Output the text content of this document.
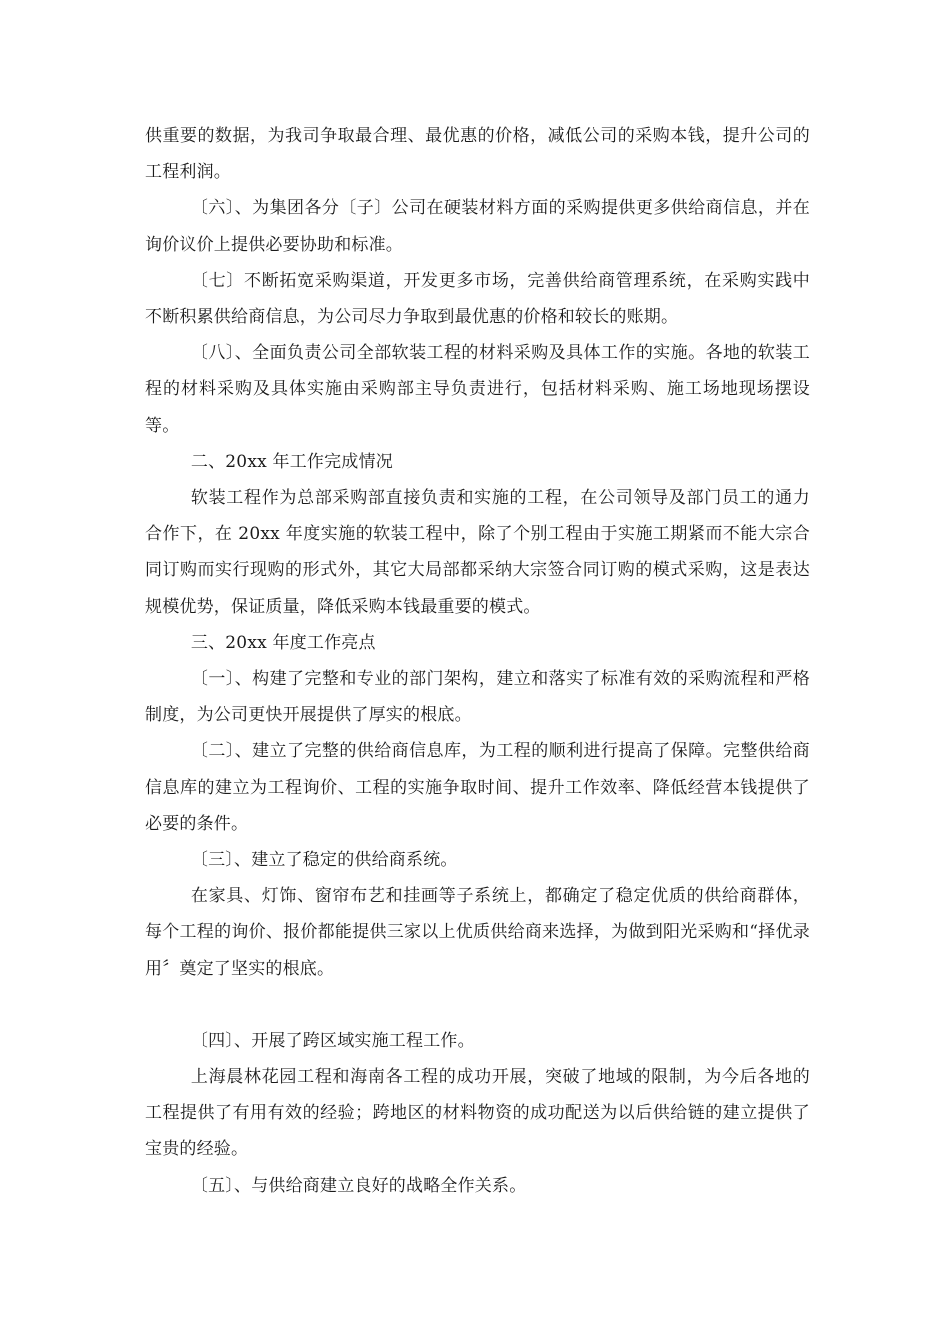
供重要的数据，为我司争取最合理、最优惠的价格，减低公司的采购本钱，提升公司的工程利润。

〔六〕、为集团各分〔子〕公司在硬装材料方面的采购提供更多供给商信息，并在询价议价上提供必要协助和标准。

〔七〕不断拓宽采购渠道，开发更多市场，完善供给商管理系统，在采购实践中不断积累供给商信息，为公司尽力争取到最优惠的价格和较长的账期。

〔八〕、全面负责公司全部软装工程的材料采购及具体工作的实施。各地的软装工程的材料采购及具体实施由采购部主导负责进行，包括材料采购、施工场地现场摆设等。

二、20xx 年工作完成情况

软装工程作为总部采购部直接负责和实施的工程，在公司领导及部门员工的通力合作下，在 20xx 年度实施的软装工程中，除了个别工程由于实施工期紧而不能大宗合同订购而实行现购的形式外，其它大局部都采纳大宗签合同订购的模式采购，这是表达规模优势，保证质量，降低采购本钱最重要的模式。

三、20xx 年度工作亮点

〔一〕、构建了完整和专业的部门架构，建立和落实了标准有效的采购流程和严格制度，为公司更快开展提供了厚实的根底。

〔二〕、建立了完整的供给商信息库，为工程的顺利进行提高了保障。完整供给商信息库的建立为工程询价、工程的实施争取时间、提升工作效率、降低经营本钱提供了必要的条件。

〔三〕、建立了稳定的供给商系统。

在家具、灯饰、窗帘布艺和挂画等子系统上，都确定了稳定优质的供给商群体，每个工程的询价、报价都能提供三家以上优质供给商来选择，为做到阳光采购和“择优录用〞奠定了坚实的根底。

〔四〕、开展了跨区域实施工程工作。

上海晨林花园工程和海南各工程的成功开展，突破了地域的限制，为今后各地的工程提供了有用有效的经验；跨地区的材料物资的成功配送为以后供给链的建立提供了宝贵的经验。

〔五〕、与供给商建立良好的战略全作关系。
